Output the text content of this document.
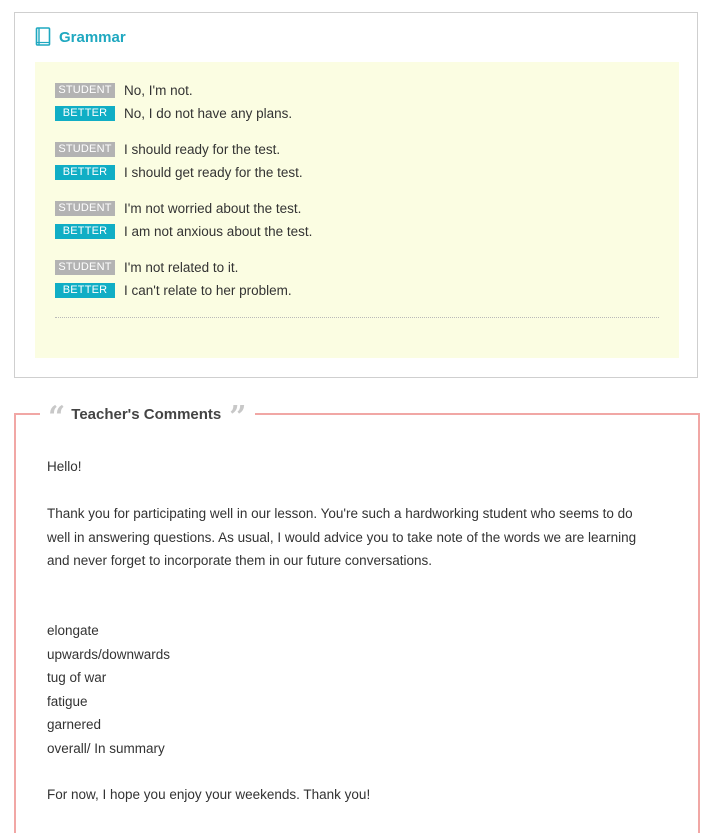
Grammar
STUDENT No, I'm not.
BETTER	No, I do not have any plans.
STUDENT I should ready for the test.
BETTER	I should get ready for the test.
STUDENT I'm not worried about the test.
BETTER	I am not anxious about the test.
STUDENT I'm not related to it.
BETTER	I can't relate to her problem.
“ Teacher's Comments ”
Hello!
Thank you for participating well in our lesson. You're such a hardworking student who seems to do
well in answering questions. As usual, I would advice you to take note of the words we are learning
and never forget to incorporate them in our future conversations.
elongate
upwards/downwards
tug of war
fatigue
garnered
overall/ In summary
For now, I hope you enjoy your weekends. Thank you!
